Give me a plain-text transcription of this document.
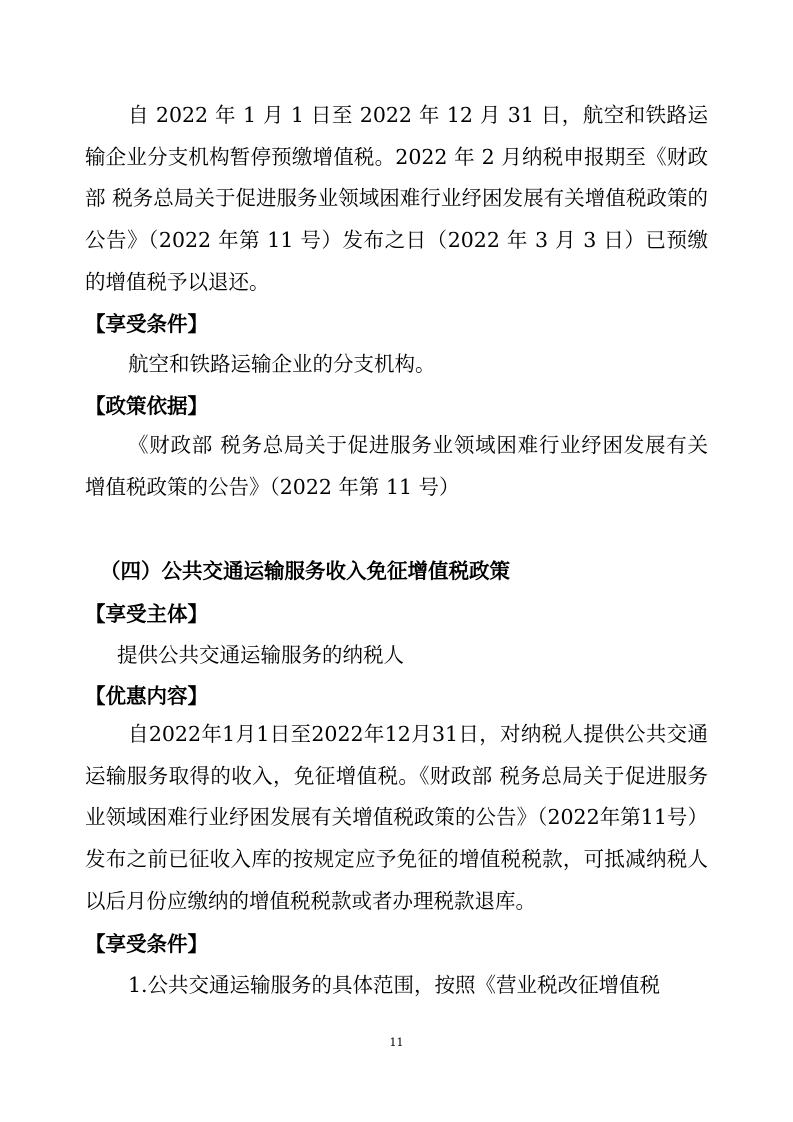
自 2022 年 1 月 1 日至 2022 年 12 月 31 日，航空和铁路运输企业分支机构暂停预缴增值税。2022 年 2 月纳税申报期至《财政部 税务总局关于促进服务业领域困难行业纾困发展有关增值税政策的公告》（2022 年第 11 号）发布之日（2022 年 3 月 3 日）已预缴的增值税予以退还。

【享受条件】

航空和铁路运输企业的分支机构。

【政策依据】

《财政部 税务总局关于促进服务业领域困难行业纾困发展有关增值税政策的公告》（2022 年第 11 号）

（四）公共交通运输服务收入免征增值税政策

【享受主体】

提供公共交通运输服务的纳税人

【优惠内容】

自2022年1月1日至2022年12月31日，对纳税人提供公共交通运输服务取得的收入，免征增值税。《财政部 税务总局关于促进服务业领域困难行业纾困发展有关增值税政策的公告》（2022年第11号）发布之前已征收入库的按规定应予免征的增值税税款，可抵减纳税人以后月份应缴纳的增值税税款或者办理税款退库。

【享受条件】

1.公共交通运输服务的具体范围，按照《营业税改征增值税

11
